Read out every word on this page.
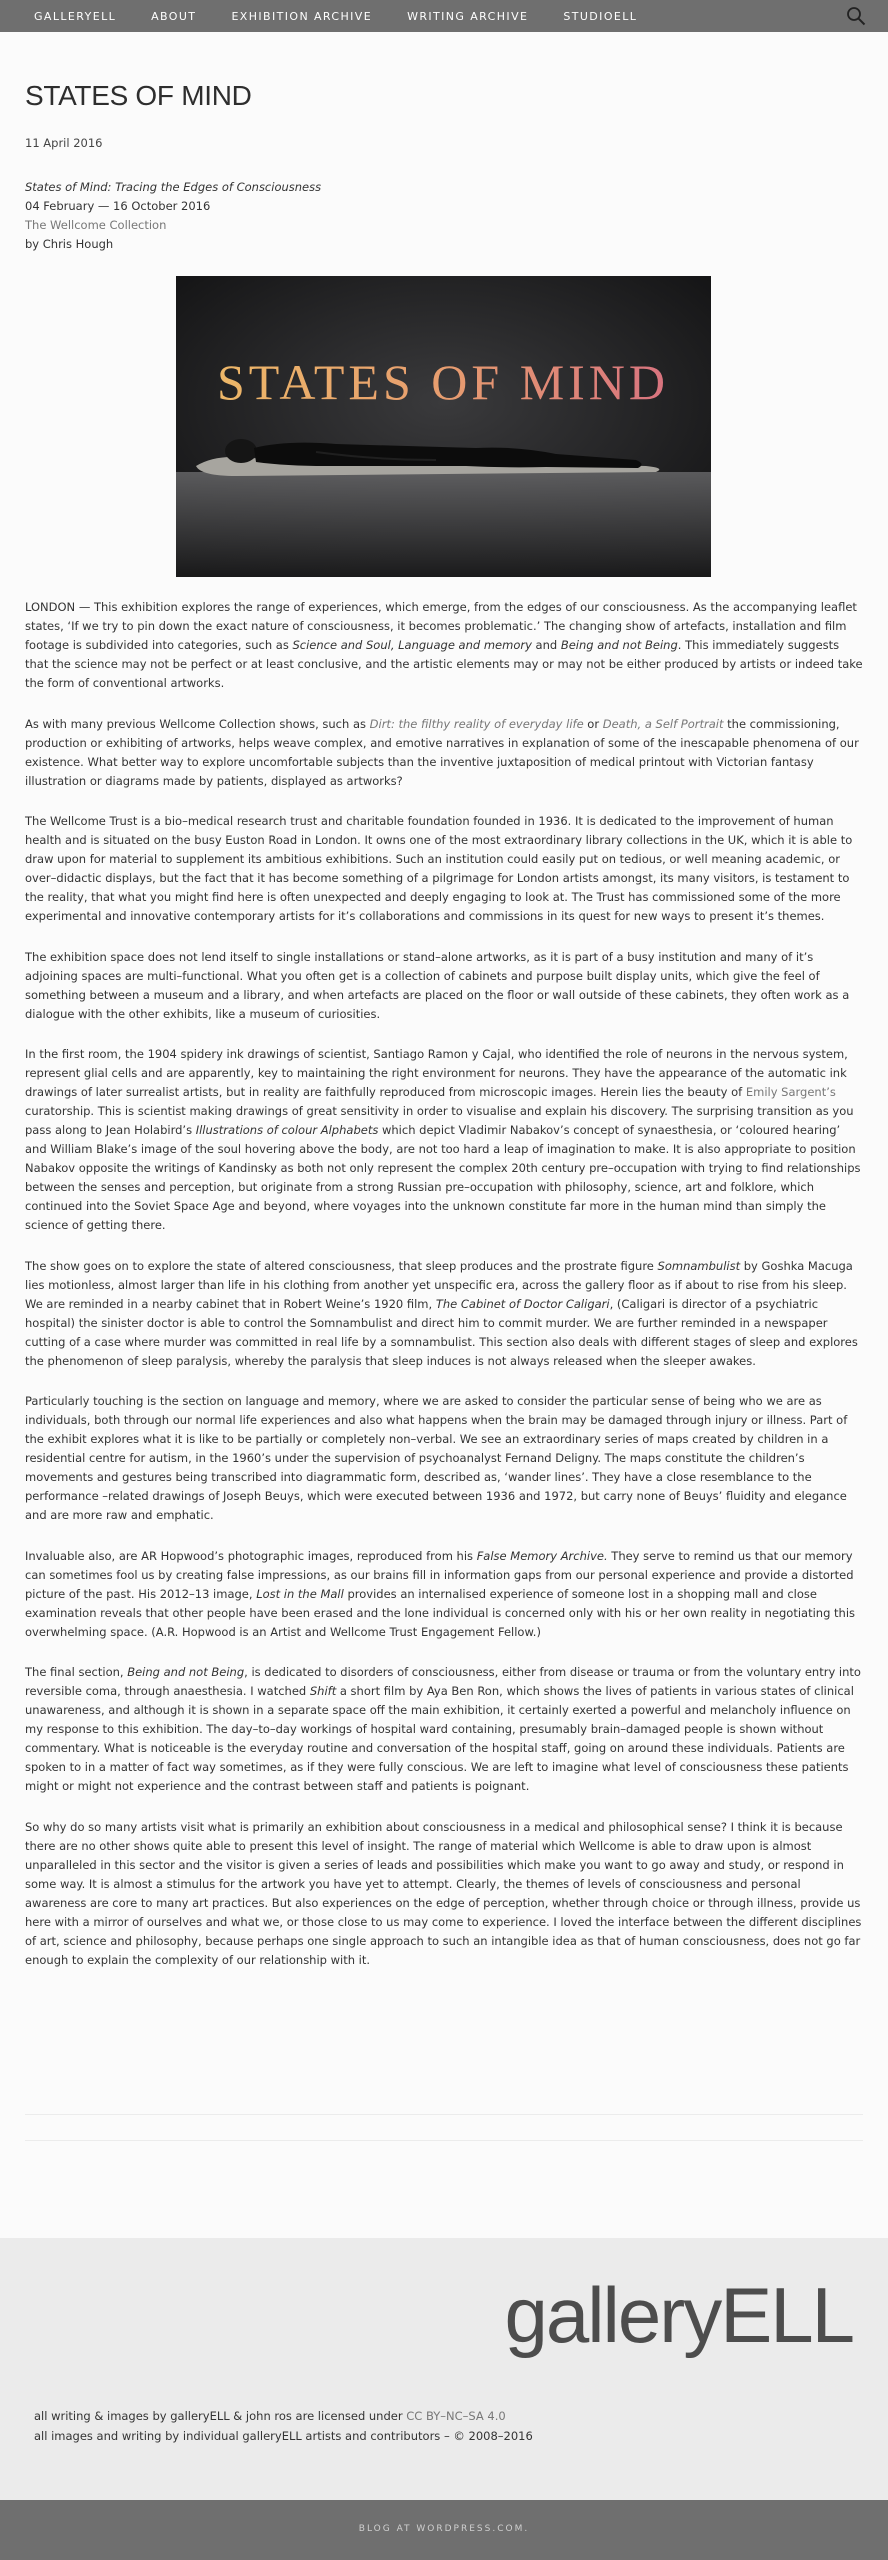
GALLERYELL	ABOUT	EXHIBITION ARCHIVE	WRITING ARCHIVE	STUDIOELL
STATES OF MIND
11 April 2016
States of Mind: Tracing the Edges of Consciousness
04 February — 16 October 2016
The Wellcome Collection
by Chris Hough
STATES OF MIND

LONDON — This exhibition explores the range of experiences, which emerge, from the edges of our consciousness. As the accompanying leaflet states, ‘If we try to pin down the exact nature of consciousness, it becomes problematic.’ The changing show of artefacts, installation and film footage is subdivided into categories, such as Science and Soul, Language and memory and Being and not Being. This immediately suggests that the science may not be perfect or at least conclusive, and the artistic elements may or may not be either produced by artists or indeed take the form of conventional artworks.

As with many previous Wellcome Collection shows, such as Dirt: the filthy reality of everyday life or Death, a Self Portrait the commissioning, production or exhibiting of artworks, helps weave complex, and emotive narratives in explanation of some of the inescapable phenomena of our existence. What better way to explore uncomfortable subjects than the inventive juxtaposition of medical printout with Victorian fantasy illustration or diagrams made by patients, displayed as artworks?

The Wellcome Trust is a bio–medical research trust and charitable foundation founded in 1936. It is dedicated to the improvement of human health and is situated on the busy Euston Road in London. It owns one of the most extraordinary library collections in the UK, which it is able to draw upon for material to supplement its ambitious exhibitions. Such an institution could easily put on tedious, or well meaning academic, or over–didactic displays, but the fact that it has become something of a pilgrimage for London artists amongst, its many visitors, is testament to the reality, that what you might find here is often unexpected and deeply engaging to look at. The Trust has commissioned some of the more experimental and innovative contemporary artists for it’s collaborations and commissions in its quest for new ways to present it’s themes.

The exhibition space does not lend itself to single installations or stand–alone artworks, as it is part of a busy institution and many of it’s adjoining spaces are multi–functional. What you often get is a collection of cabinets and purpose built display units, which give the feel of something between a museum and a library, and when artefacts are placed on the floor or wall outside of these cabinets, they often work as a dialogue with the other exhibits, like a museum of curiosities.

In the first room, the 1904 spidery ink drawings of scientist, Santiago Ramon y Cajal, who identified the role of neurons in the nervous system, represent glial cells and are apparently, key to maintaining the right environment for neurons. They have the appearance of the automatic ink drawings of later surrealist artists, but in reality are faithfully reproduced from microscopic images. Herein lies the beauty of Emily Sargent’s curatorship. This is scientist making drawings of great sensitivity in order to visualise and explain his discovery. The surprising transition as you pass along to Jean Holabird’s Illustrations of colour Alphabets which depict Vladimir Nabakov’s concept of synaesthesia, or ‘coloured hearing’ and William Blake’s image of the soul hovering above the body, are not too hard a leap of imagination to make. It is also appropriate to position Nabakov opposite the writings of Kandinsky as both not only represent the complex 20th century pre–occupation with trying to find relationships between the senses and perception, but originate from a strong Russian pre–occupation with philosophy, science, art and folklore, which continued into the Soviet Space Age and beyond, where voyages into the unknown constitute far more in the human mind than simply the science of getting there.

The show goes on to explore the state of altered consciousness, that sleep produces and the prostrate figure Somnambulist by Goshka Macuga lies motionless, almost larger than life in his clothing from another yet unspecific era, across the gallery floor as if about to rise from his sleep. We are reminded in a nearby cabinet that in Robert Weine’s 1920 film, The Cabinet of Doctor Caligari, (Caligari is director of a psychiatric hospital) the sinister doctor is able to control the Somnambulist and direct him to commit murder. We are further reminded in a newspaper cutting of a case where murder was committed in real life by a somnambulist. This section also deals with different stages of sleep and explores the phenomenon of sleep paralysis, whereby the paralysis that sleep induces is not always released when the sleeper awakes.

Particularly touching is the section on language and memory, where we are asked to consider the particular sense of being who we are as individuals, both through our normal life experiences and also what happens when the brain may be damaged through injury or illness. Part of the exhibit explores what it is like to be partially or completely non–verbal. We see an extraordinary series of maps created by children in a residential centre for autism, in the 1960’s under the supervision of psychoanalyst Fernand Deligny. The maps constitute the children’s movements and gestures being transcribed into diagrammatic form, described as, ‘wander lines’. They have a close resemblance to the performance –related drawings of Joseph Beuys, which were executed between 1936 and 1972, but carry none of Beuys’ fluidity and elegance and are more raw and emphatic.

Invaluable also, are AR Hopwood’s photographic images, reproduced from his False Memory Archive. They serve to remind us that our memory can sometimes fool us by creating false impressions, as our brains fill in information gaps from our personal experience and provide a distorted picture of the past. His 2012–13 image, Lost in the Mall provides an internalised experience of someone lost in a shopping mall and close examination reveals that other people have been erased and the lone individual is concerned only with his or her own reality in negotiating this overwhelming space. (A.R. Hopwood is an Artist and Wellcome Trust Engagement Fellow.)

The final section, Being and not Being, is dedicated to disorders of consciousness, either from disease or trauma or from the voluntary entry into reversible coma, through anaesthesia. I watched Shift a short film by Aya Ben Ron, which shows the lives of patients in various states of clinical unawareness, and although it is shown in a separate space off the main exhibition, it certainly exerted a powerful and melancholy influence on my response to this exhibition. The day–to–day workings of hospital ward containing, presumably brain–damaged people is shown without commentary. What is noticeable is the everyday routine and conversation of the hospital staff, going on around these individuals. Patients are spoken to in a matter of fact way sometimes, as if they were fully conscious. We are left to imagine what level of consciousness these patients might or might not experience and the contrast between staff and patients is poignant.

So why do so many artists visit what is primarily an exhibition about consciousness in a medical and philosophical sense? I think it is because there are no other shows quite able to present this level of insight. The range of material which Wellcome is able to draw upon is almost unparalleled in this sector and the visitor is given a series of leads and possibilities which make you want to go away and study, or respond in some way. It is almost a stimulus for the artwork you have yet to attempt. Clearly, the themes of levels of consciousness and personal awareness are core to many art practices. But also experiences on the edge of perception, whether through choice or through illness, provide us here with a mirror of ourselves and what we, or those close to us may come to experience. I loved the interface between the different disciplines of art, science and philosophy, because perhaps one single approach to such an intangible idea as that of human consciousness, does not go far enough to explain the complexity of our relationship with it.

galleryELL
all writing & images by galleryELL & john ros are licensed under CC BY–NC–SA 4.0
all images and writing by individual galleryELL artists and contributors – © 2008–2016
BLOG AT WORDPRESS.COM.
